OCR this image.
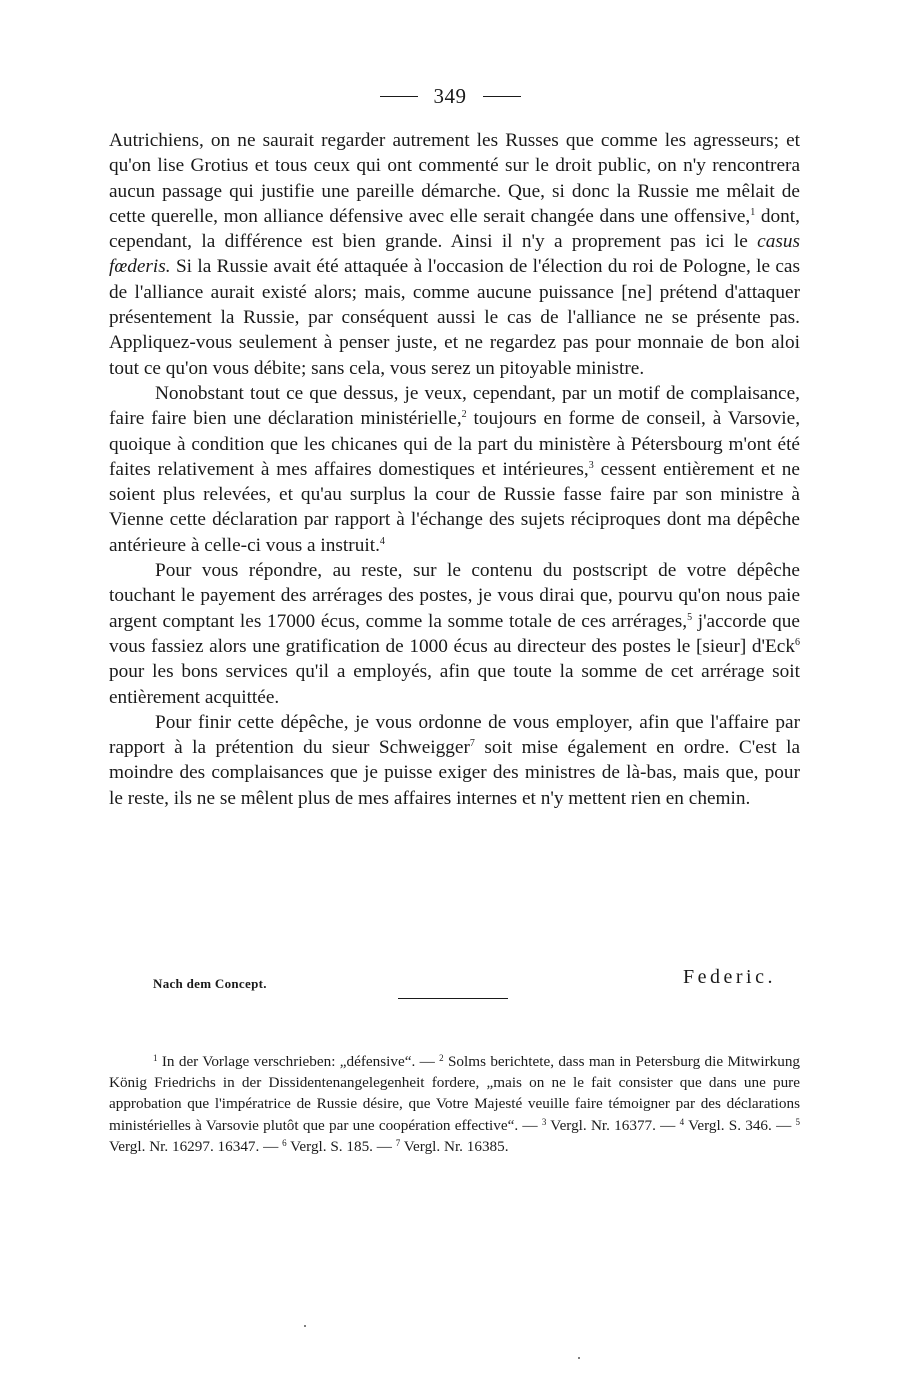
349

Autrichiens, on ne saurait regarder autrement les Russes que comme les agresseurs; et qu'on lise Grotius et tous ceux qui ont commenté sur le droit public, on n'y rencontrera aucun passage qui justifie une pareille démarche. Que, si donc la Russie me mêlait de cette querelle, mon alliance défensive avec elle serait changée dans une offensive,$^1$ dont, cependant, la différence est bien grande. Ainsi il n'y a proprement pas ici le casus fœderis. Si la Russie avait été attaquée à l'occasion de l'élection du roi de Pologne, le cas de l'alliance aurait existé alors; mais, comme aucune puissance [ne] prétend d'attaquer présentement la Russie, par conséquent aussi le cas de l'alliance ne se présente pas. Appliquez-vous seulement à penser juste, et ne regardez pas pour monnaie de bon aloi tout ce qu'on vous débite; sans cela, vous serez un pitoyable ministre.

Nonobstant tout ce que dessus, je veux, cependant, par un motif de complaisance, faire faire bien une déclaration ministérielle,$^2$ toujours en forme de conseil, à Varsovie, quoique à condition que les chicanes qui de la part du ministère à Pétersbourg m'ont été faites relativement à mes affaires domestiques et intérieures,$^3$ cessent entièrement et ne soient plus relevées, et qu'au surplus la cour de Russie fasse faire par son ministre à Vienne cette déclaration par rapport à l'échange des sujets réciproques dont ma dépêche antérieure à celle-ci vous a instruit.$^4$

Pour vous répondre, au reste, sur le contenu du postscript de votre dépêche touchant le payement des arrérages des postes, je vous dirai que, pourvu qu'on nous paie argent comptant les 17000 écus, comme la somme totale de ces arrérages,$^5$ j'accorde que vous fassiez alors une gratification de 1000 écus au directeur des postes le [sieur] d'Eck$^6$ pour les bons services qu'il a employés, afin que toute la somme de cet arrérage soit entièrement acquittée.

Pour finir cette dépêche, je vous ordonne de vous employer, afin que l'affaire par rapport à la prétention du sieur Schweigger$^7$ soit mise également en ordre. C'est la moindre des complaisances que je puisse exiger des ministres de là-bas, mais que, pour le reste, ils ne se mêlent plus de mes affaires internes et n'y mettent rien en chemin.

Nach dem Concept.	Federic.

$^1$ In der Vorlage verschrieben: „défensive“. — $^2$ Solms berichtete, dass man in Petersburg die Mitwirkung König Friedrichs in der Dissidentenangelegenheit fordere, „mais on ne le fait consister que dans une pure approbation que l'impératrice de Russie désire, que Votre Majesté veuille faire témoigner par des déclarations ministérielles à Varsovie plutôt que par une coopération effective“. — $^3$ Vergl. Nr. 16377. — $^4$ Vergl. S. 346. — $^5$ Vergl. Nr. 16297. 16347. — $^6$ Vergl. S. 185. — $^7$ Vergl. Nr. 16385.
